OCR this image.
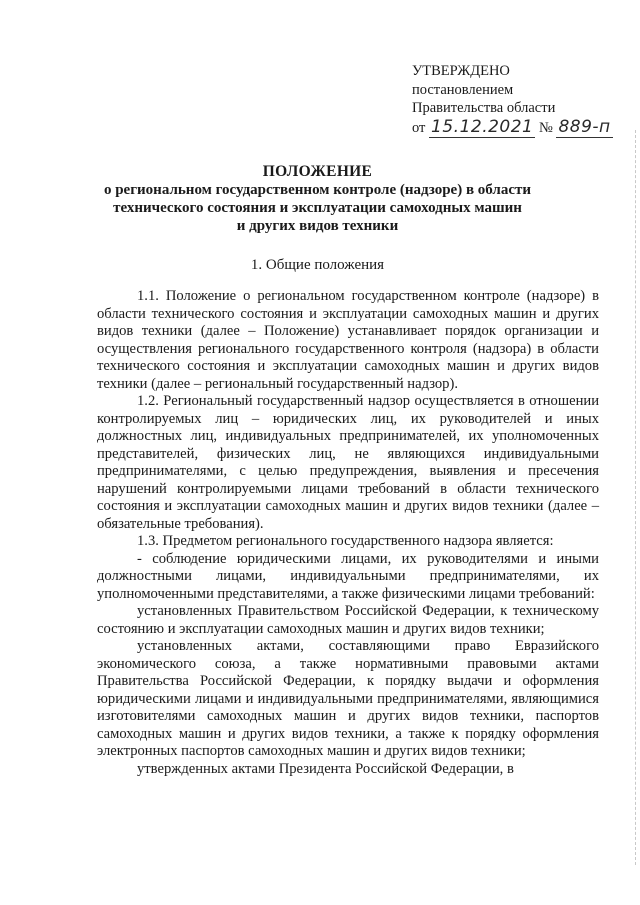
УТВЕРЖДЕНО
постановлением
Правительства области
от 15.12.2021 № 889-п
ПОЛОЖЕНИЕ
о региональном государственном контроле (надзоре) в области
технического состояния и эксплуатации самоходных машин
и других видов техники
1. Общие положения

1.1. Положение о региональном государственном контроле (надзоре) в области технического состояния и эксплуатации самоходных машин и других видов техники (далее – Положение) устанавливает порядок организации и осуществления регионального государственного контроля (надзора) в области технического состояния и эксплуатации самоходных машин и других видов техники (далее – региональный государственный надзор).

1.2. Региональный государственный надзор осуществляется в отношении контролируемых лиц – юридических лиц, их руководителей и иных должностных лиц, индивидуальных предпринимателей, их уполномоченных представителей, физических лиц, не являющихся индивидуальными предпринимателями, с целью предупреждения, выявления и пресечения нарушений контролируемыми лицами требований в области технического состояния и эксплуатации самоходных машин и других видов техники (далее – обязательные требования).

1.3. Предметом регионального государственного надзора является:

- соблюдение юридическими лицами, их руководителями и иными должностными лицами, индивидуальными предпринимателями, их уполномоченными представителями, а также физическими лицами требований:

установленных Правительством Российской Федерации, к техническому состоянию и эксплуатации самоходных машин и других видов техники;

установленных актами, составляющими право Евразийского экономического союза, а также нормативными правовыми актами Правительства Российской Федерации, к порядку выдачи и оформления юридическими лицами и индивидуальными предпринимателями, являющимися изготовителями самоходных машин и других видов техники, паспортов самоходных машин и других видов техники, а также к порядку оформления электронных паспортов самоходных машин и других видов техники;

утвержденных актами Президента Российской Федерации, в
